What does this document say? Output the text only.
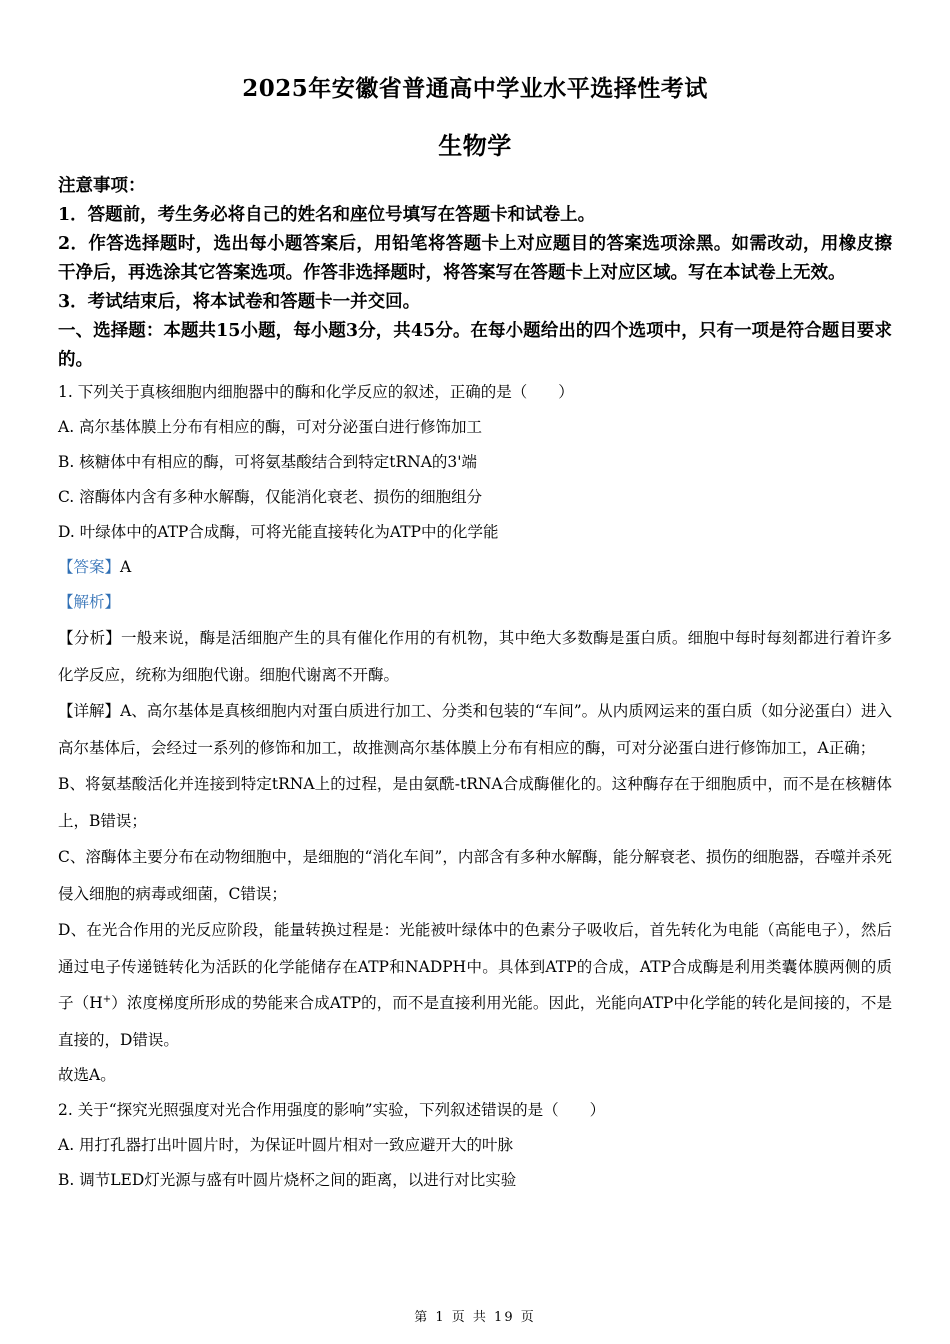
2025年安徽省普通高中学业水平选择性考试
生物学

注意事项：

1．答题前，考生务必将自己的姓名和座位号填写在答题卡和试卷上。

2．作答选择题时，选出每小题答案后，用铅笔将答题卡上对应题目的答案选项涂黑。如需改动，用橡皮擦干净后，再选涂其它答案选项。作答非选择题时，将答案写在答题卡上对应区域。写在本试卷上无效。

3．考试结束后，将本试卷和答题卡一并交回。

一、选择题：本题共15小题，每小题3分，共45分。在每小题给出的四个选项中，只有一项是符合题目要求的。

1. 下列关于真核细胞内细胞器中的酶和化学反应的叙述，正确的是（　　）

A. 高尔基体膜上分布有相应的酶，可对分泌蛋白进行修饰加工

B. 核糖体中有相应的酶，可将氨基酸结合到特定tRNA的3'端

C. 溶酶体内含有多种水解酶，仅能消化衰老、损伤的细胞组分

D. 叶绿体中的ATP合成酶，可将光能直接转化为ATP中的化学能

【答案】A

【解析】

【分析】一般来说，酶是活细胞产生的具有催化作用的有机物，其中绝大多数酶是蛋白质。细胞中每时每刻都进行着许多化学反应，统称为细胞代谢。细胞代谢离不开酶。

【详解】A、高尔基体是真核细胞内对蛋白质进行加工、分类和包装的“车间”。从内质网运来的蛋白质（如分泌蛋白）进入高尔基体后，会经过一系列的修饰和加工，故推测高尔基体膜上分布有相应的酶，可对分泌蛋白进行修饰加工，A正确；

B、将氨基酸活化并连接到特定tRNA上的过程，是由氨酰-tRNA合成酶催化的。这种酶存在于细胞质中，而不是在核糖体上，B错误；

C、溶酶体主要分布在动物细胞中，是细胞的“消化车间”，内部含有多种水解酶，能分解衰老、损伤的细胞器，吞噬并杀死侵入细胞的病毒或细菌，C错误；

D、在光合作用的光反应阶段，能量转换过程是：光能被叶绿体中的色素分子吸收后，首先转化为电能（高能电子），然后通过电子传递链转化为活跃的化学能储存在ATP和NADPH中。具体到ATP的合成，ATP合成酶是利用类囊体膜两侧的质子（H+）浓度梯度所形成的势能来合成ATP的，而不是直接利用光能。因此，光能向ATP中化学能的转化是间接的，不是直接的，D错误。

故选A。

2. 关于“探究光照强度对光合作用强度的影响”实验，下列叙述错误的是（　　）

A. 用打孔器打出叶圆片时，为保证叶圆片相对一致应避开大的叶脉

B. 调节LED灯光源与盛有叶圆片烧杯之间的距离，以进行对比实验

第 1 页 共 19 页
